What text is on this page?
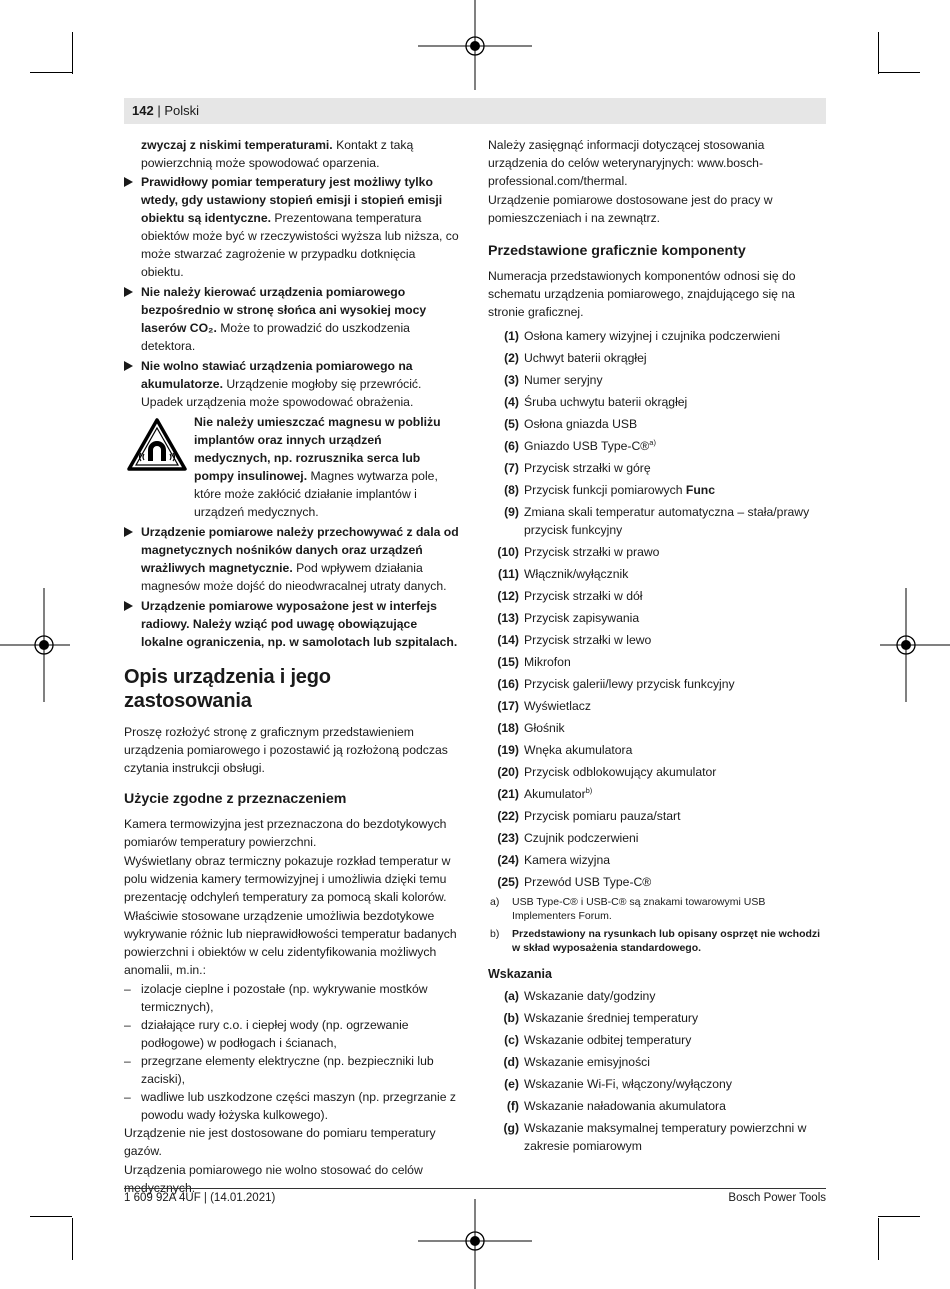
142 | Polski
zwyczaj z niskimi temperaturami. Kontakt z taką powierzchnią może spowodować oparzenia.
Prawidłowy pomiar temperatury jest możliwy tylko wtedy, gdy ustawiony stopień emisji i stopień emisji obiektu są identyczne. Prezentowana temperatura obiektów może być w rzeczywistości wyższa lub niższa, co może stwarzać zagrożenie w przypadku dotknięcia obiektu.
Nie należy kierować urządzenia pomiarowego bezpośrednio w stronę słońca ani wysokiej mocy laserów CO₂. Może to prowadzić do uszkodzenia detektora.
Nie wolno stawiać urządzenia pomiarowego na akumulatorze. Urządzenie mogłoby się przewrócić. Upadek urządzenia może spowodować obrażenia.
Nie należy umieszczać magnesu w pobliżu implantów oraz innych urządzeń medycznych, np. rozrusznika serca lub pompy insulinowej. Magnes wytwarza pole, które może zakłócić działanie implantów i urządzeń medycznych.
Urządzenie pomiarowe należy przechowywać z dala od magnetycznych nośników danych oraz urządzeń wrażliwych magnetycznie. Pod wpływem działania magnesów może dojść do nieodwracalnej utraty danych.
Urządzenie pomiarowe wyposażone jest w interfejs radiowy. Należy wziąć pod uwagę obowiązujące lokalne ograniczenia, np. w samolotach lub szpitalach.
Opis urządzenia i jego zastosowania
Proszę rozłożyć stronę z graficznym przedstawieniem urządzenia pomiarowego i pozostawić ją rozłożoną podczas czytania instrukcji obsługi.
Użycie zgodne z przeznaczeniem
Kamera termowizyjna jest przeznaczona do bezdotykowych pomiarów temperatury powierzchni.
Wyświetlany obraz termiczny pokazuje rozkład temperatur w polu widzenia kamery termowizyjnej i umożliwia dzięki temu prezentację odchyleń temperatury za pomocą skali kolorów.
Właściwie stosowane urządzenie umożliwia bezdotykowe wykrywanie różnic lub nieprawidłowości temperatur badanych powierzchni i obiektów w celu zidentyfikowania możliwych anomalii, m.in.:
– izolacje cieplne i pozostałe (np. wykrywanie mostków termicznych),
– działające rury c.o. i ciepłej wody (np. ogrzewanie podłogowe) w podłogach i ścianach,
– przegrzane elementy elektryczne (np. bezpieczniki lub zaciski),
– wadliwe lub uszkodzone części maszyn (np. przegrzanie z powodu wady łożyska kulkowego).
Urządzenie nie jest dostosowane do pomiaru temperatury gazów.
Urządzenia pomiarowego nie wolno stosować do celów medycznych.
Należy zasięgnąć informacji dotyczącej stosowania urządzenia do celów weterynaryjnych: www.bosch-professional.com/thermal.
Urządzenie pomiarowe dostosowane jest do pracy w pomieszczeniach i na zewnątrz.
Przedstawione graficznie komponenty
Numeracja przedstawionych komponentów odnosi się do schematu urządzenia pomiarowego, znajdującego się na stronie graficznej.
(1) Osłona kamery wizyjnej i czujnika podczerwieni
(2) Uchwyt baterii okrągłej
(3) Numer seryjny
(4) Śruba uchwytu baterii okrągłej
(5) Osłona gniazda USB
(6) Gniazdo USB Type-C®$^{a)}$
(7) Przycisk strzałki w górę
(8) Przycisk funkcji pomiarowych Func
(9) Zmiana skali temperatur automatyczna – stała/prawy przycisk funkcyjny
(10) Przycisk strzałki w prawo
(11) Włącznik/wyłącznik
(12) Przycisk strzałki w dół
(13) Przycisk zapisywania
(14) Przycisk strzałki w lewo
(15) Mikrofon
(16) Przycisk galerii/lewy przycisk funkcyjny
(17) Wyświetlacz
(18) Głośnik
(19) Wnęka akumulatora
(20) Przycisk odblokowujący akumulator
(21) Akumulator$^{b)}$
(22) Przycisk pomiaru pauza/start
(23) Czujnik podczerwieni
(24) Kamera wizyjna
(25) Przewód USB Type-C®
a) USB Type-C® i USB-C® są znakami towarowymi USB Implementers Forum.
b) Przedstawiony na rysunkach lub opisany osprzęt nie wchodzi w skład wyposażenia standardowego.
Wskazania
(a) Wskazanie daty/godziny
(b) Wskazanie średniej temperatury
(c) Wskazanie odbitej temperatury
(d) Wskazanie emisyjności
(e) Wskazanie Wi-Fi, włączony/wyłączony
(f) Wskazanie naładowania akumulatora
(g) Wskazanie maksymalnej temperatury powierzchni w zakresie pomiarowym
1 609 92A 4UF | (14.01.2021)	Bosch Power Tools
